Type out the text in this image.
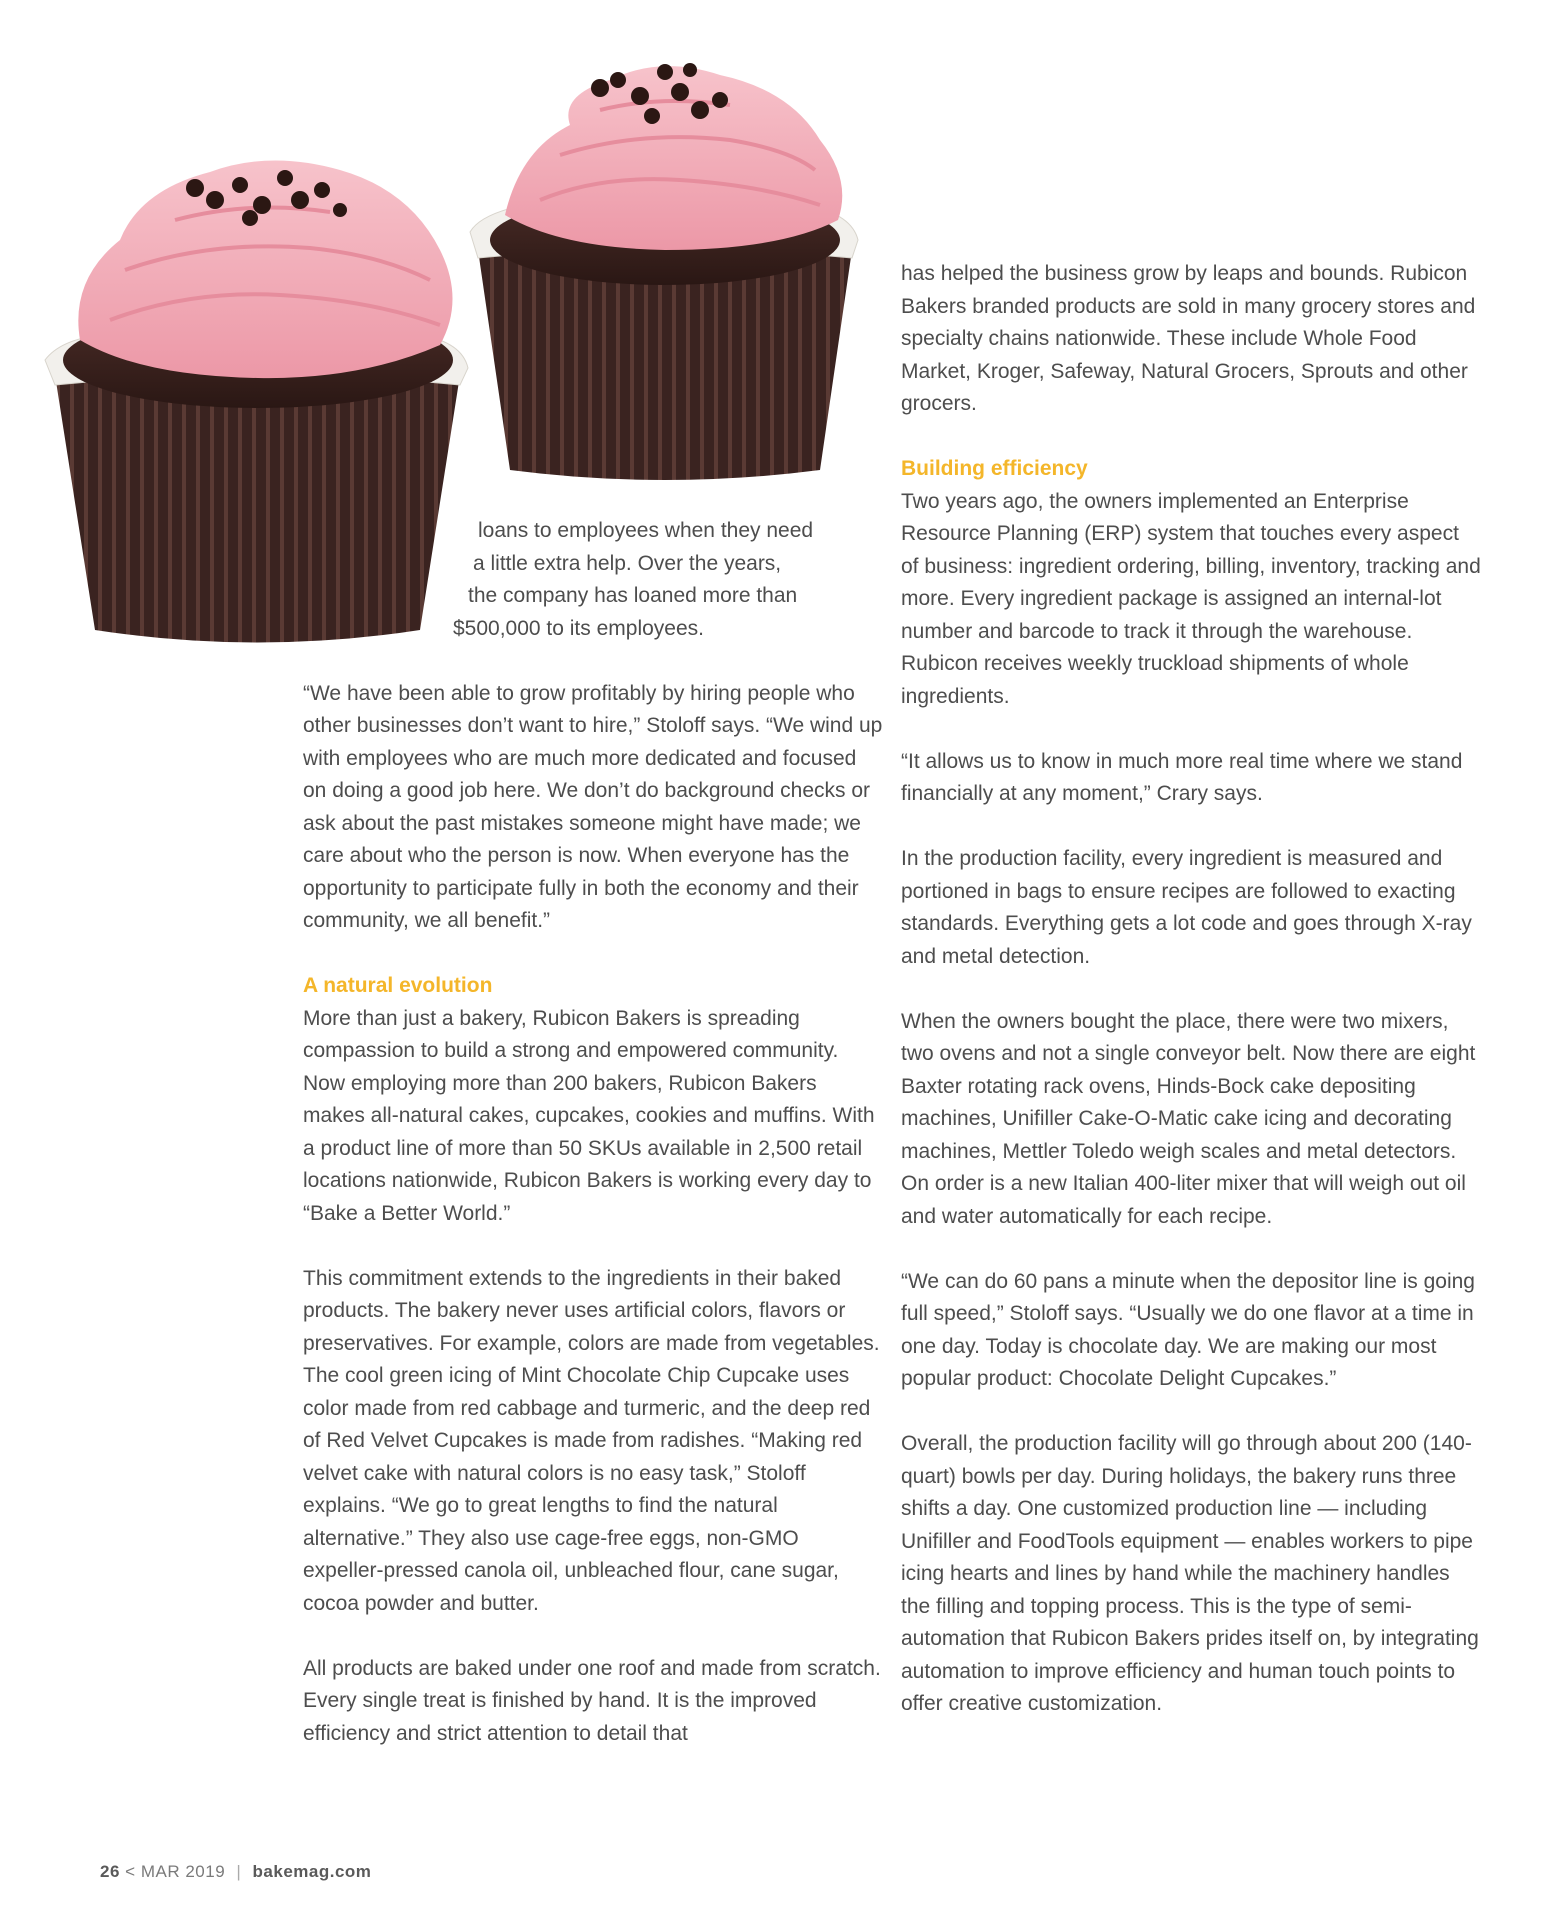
loans to employees when they need
a little extra help. Over the years,
the company has loaned more than
$500,000 to its employees.

“We have been able to grow profitably by hiring people who other businesses don’t want to hire,” Stoloff says. “We wind up with employees who are much more dedicated and focused on doing a good job here. We don’t do background checks or ask about the past mistakes someone might have made; we care about who the person is now. When everyone has the opportunity to participate fully in both the economy and their community, we all benefit.”

A natural evolution

More than just a bakery, Rubicon Bakers is spreading compassion to build a strong and empowered community. Now employing more than 200 bakers, Rubicon Bakers makes all-natural cakes, cupcakes, cookies and muffins. With a product line of more than 50 SKUs available in 2,500 retail locations nationwide, Rubicon Bakers is working every day to “Bake a Better World.”

This commitment extends to the ingredients in their baked products. The bakery never uses artificial colors, flavors or preservatives. For example, colors are made from vegetables. The cool green icing of Mint Chocolate Chip Cupcake uses color made from red cabbage and turmeric, and the deep red of Red Velvet Cupcakes is made from radishes. “Making red velvet cake with natural colors is no easy task,” Stoloff explains. “We go to great lengths to find the natural alternative.” They also use cage-free eggs, non-GMO expeller-pressed canola oil, unbleached flour, cane sugar, cocoa powder and butter.

All products are baked under one roof and made from scratch. Every single treat is finished by hand. It is the improved efficiency and strict attention to detail that

has helped the business grow by leaps and bounds. Rubicon Bakers branded products are sold in many grocery stores and specialty chains nationwide. These include Whole Food Market, Kroger, Safeway, Natural Grocers, Sprouts and other grocers.

Building efficiency

Two years ago, the owners implemented an Enterprise Resource Planning (ERP) system that touches every aspect of business: ingredient ordering, billing, inventory, tracking and more. Every ingredient package is assigned an internal-lot number and barcode to track it through the warehouse. Rubicon receives weekly truckload shipments of whole ingredients.

“It allows us to know in much more real time where we stand financially at any moment,” Crary says.

In the production facility, every ingredient is measured and portioned in bags to ensure recipes are followed to exacting standards. Everything gets a lot code and goes through X-ray and metal detection.

When the owners bought the place, there were two mixers, two ovens and not a single conveyor belt. Now there are eight Baxter rotating rack ovens, Hinds-Bock cake depositing machines, Unifiller Cake-O-Matic cake icing and decorating machines, Mettler Toledo weigh scales and metal detectors. On order is a new Italian 400-liter mixer that will weigh out oil and water automatically for each recipe.

“We can do 60 pans a minute when the depositor line is going full speed,” Stoloff says. “Usually we do one flavor at a time in one day. Today is chocolate day. We are making our most popular product: Chocolate Delight Cupcakes.”

Overall, the production facility will go through about 200 (140-quart) bowls per day. During holidays, the bakery runs three shifts a day. One customized production line — including Unifiller and FoodTools equipment — enables workers to pipe icing hearts and lines by hand while the machinery handles the filling and topping process. This is the type of semi-automation that Rubicon Bakers prides itself on, by integrating automation to improve efficiency and human touch points to offer creative customization.

26 < MAR 2019 | bakemag.com
